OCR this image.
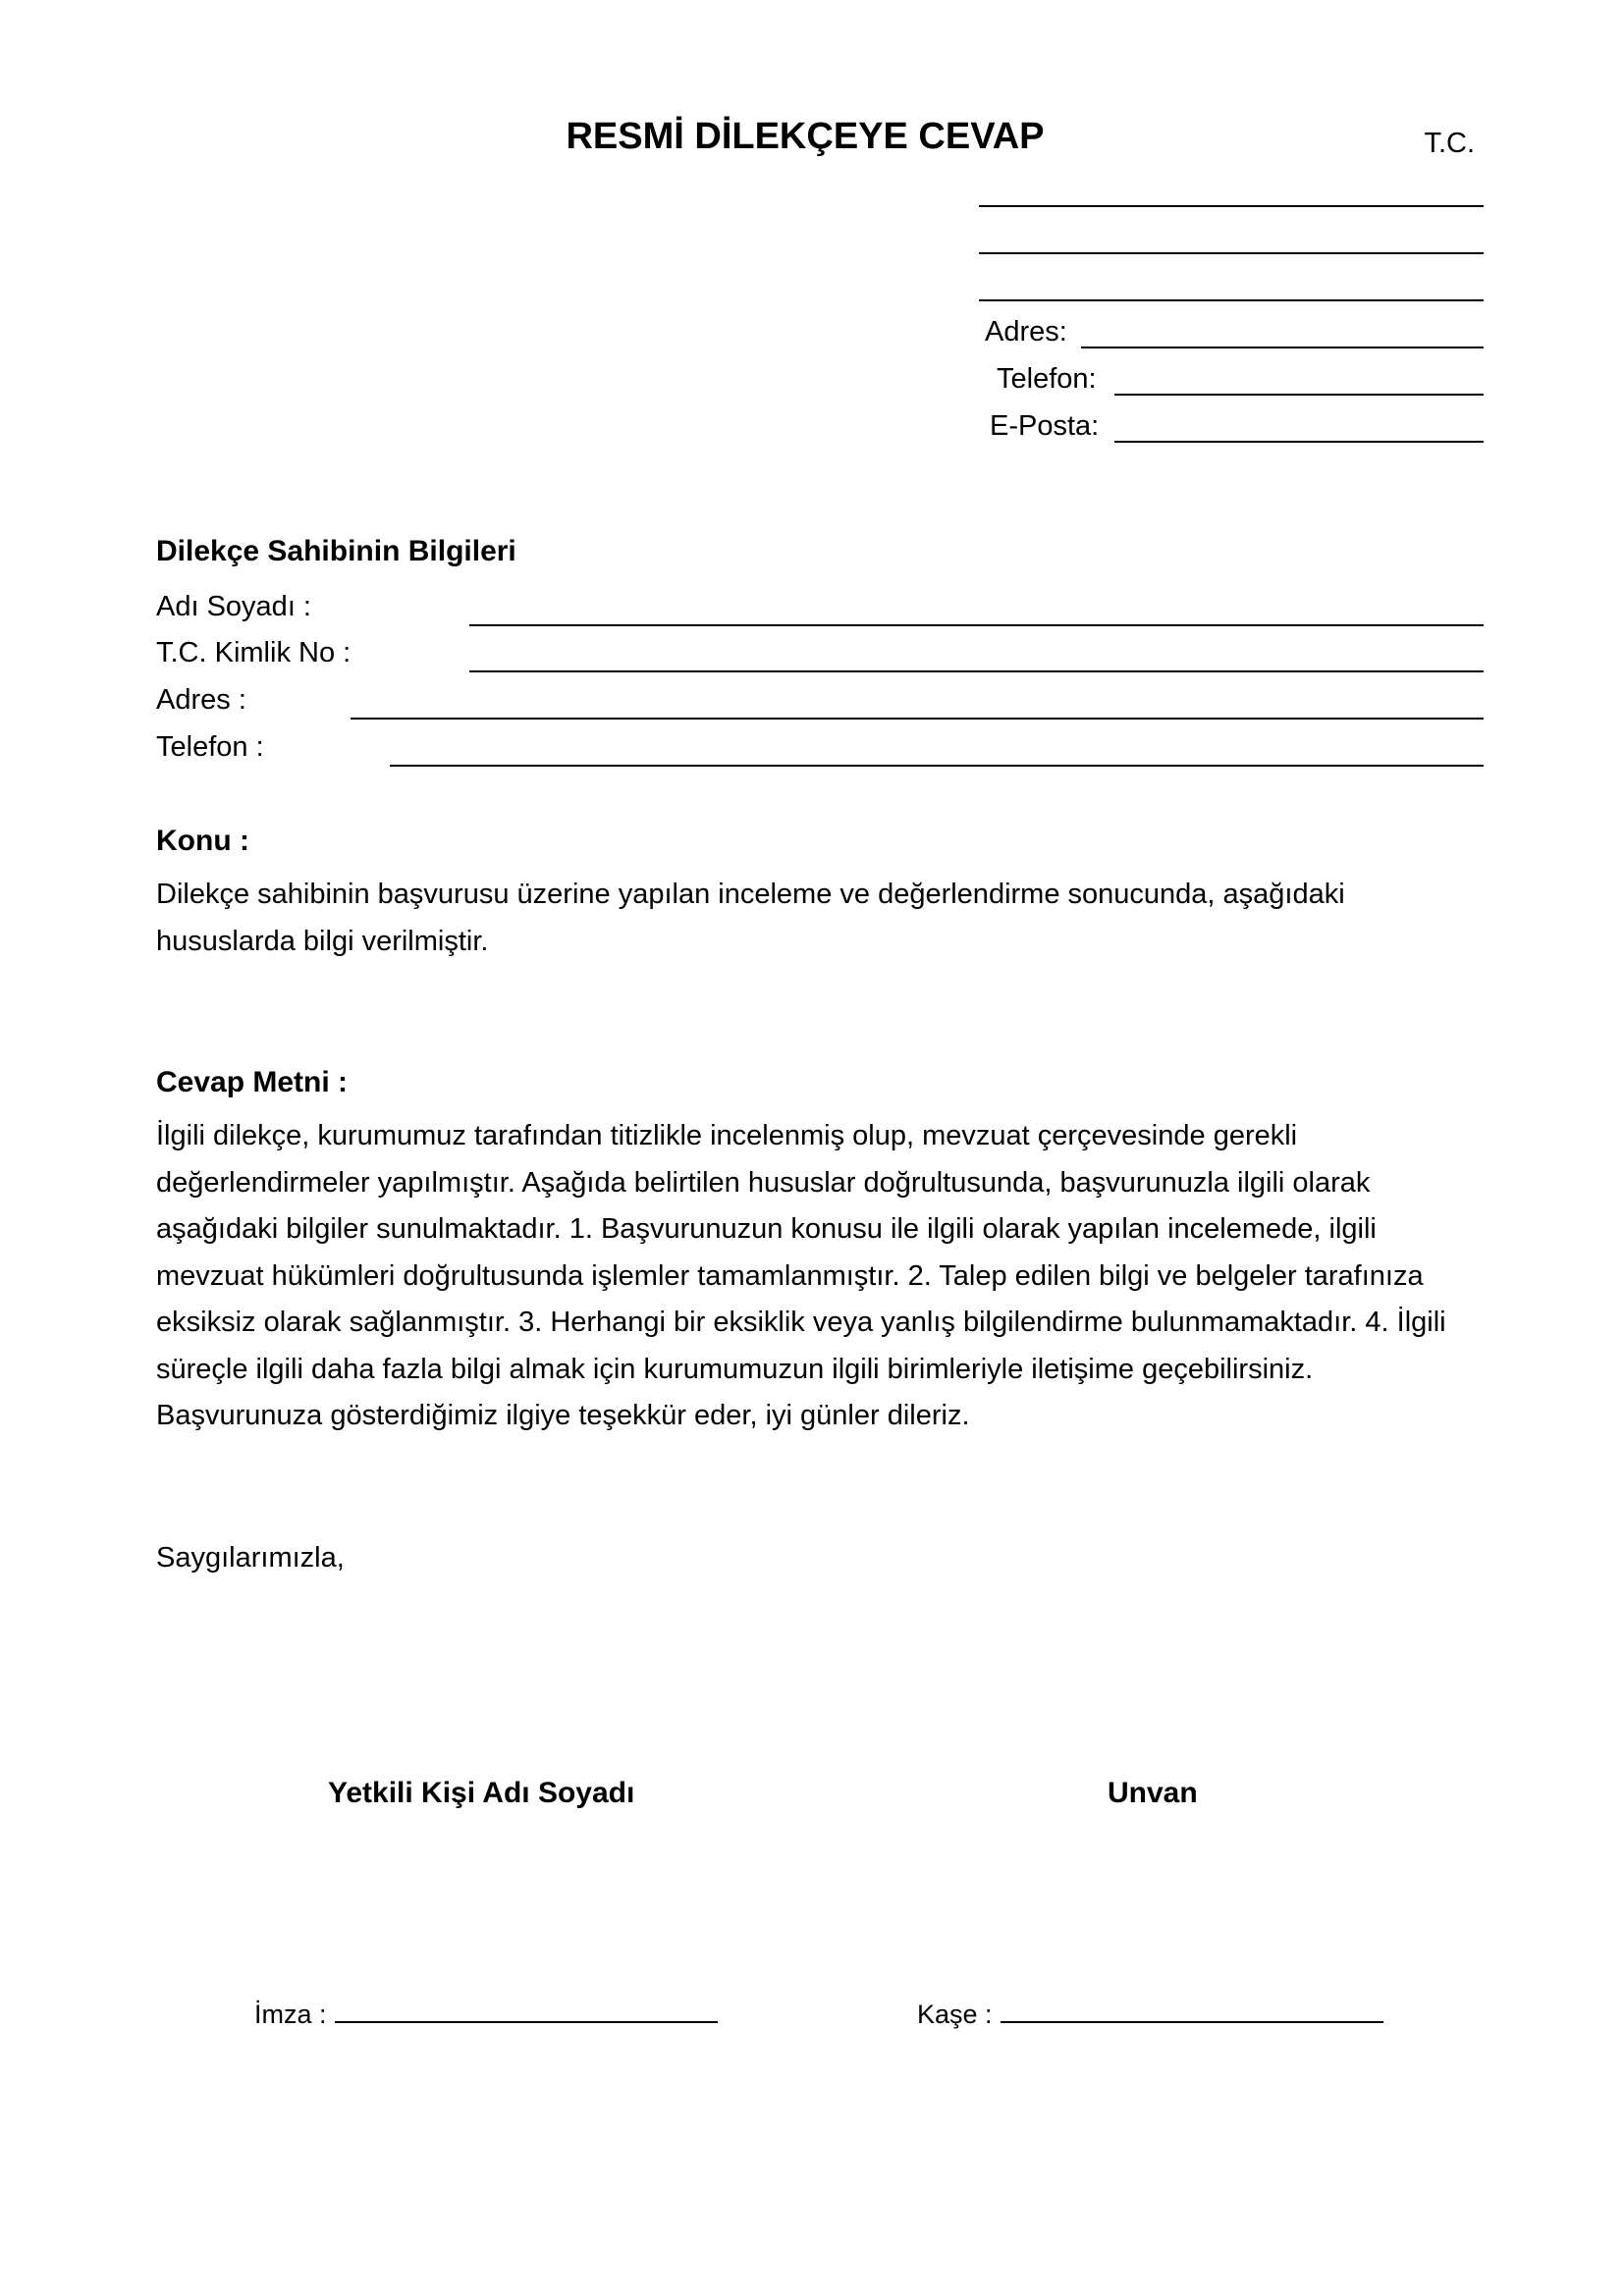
RESMİ DİLEKÇEYE CEVAP	T.C.
Adres:
Telefon:
E-Posta:
Dilekçe Sahibinin Bilgileri
Adı Soyadı :
T.C. Kimlik No :
Adres :
Telefon :
Konu :
Dilekçe sahibinin başvurusu üzerine yapılan inceleme ve değerlendirme sonucunda, aşağıdaki hususlarda bilgi verilmiştir.
Cevap Metni :
İlgili dilekçe, kurumumuz tarafından titizlikle incelenmiş olup, mevzuat çerçevesinde gerekli değerlendirmeler yapılmıştır. Aşağıda belirtilen hususlar doğrultusunda, başvurunuzla ilgili olarak aşağıdaki bilgiler sunulmaktadır. 1. Başvurunuzun konusu ile ilgili olarak yapılan incelemede, ilgili mevzuat hükümleri doğrultusunda işlemler tamamlanmıştır. 2. Talep edilen bilgi ve belgeler tarafınıza eksiksiz olarak sağlanmıştır. 3. Herhangi bir eksiklik veya yanlış bilgilendirme bulunmamaktadır. 4. İlgili süreçle ilgili daha fazla bilgi almak için kurumumuzun ilgili birimleriyle iletişime geçebilirsiniz. Başvurunuza gösterdiğimiz ilgiye teşekkür eder, iyi günler dileriz.
Saygılarımızla,
Yetkili Kişi Adı Soyadı	Unvan
İmza :	Kaşe :
